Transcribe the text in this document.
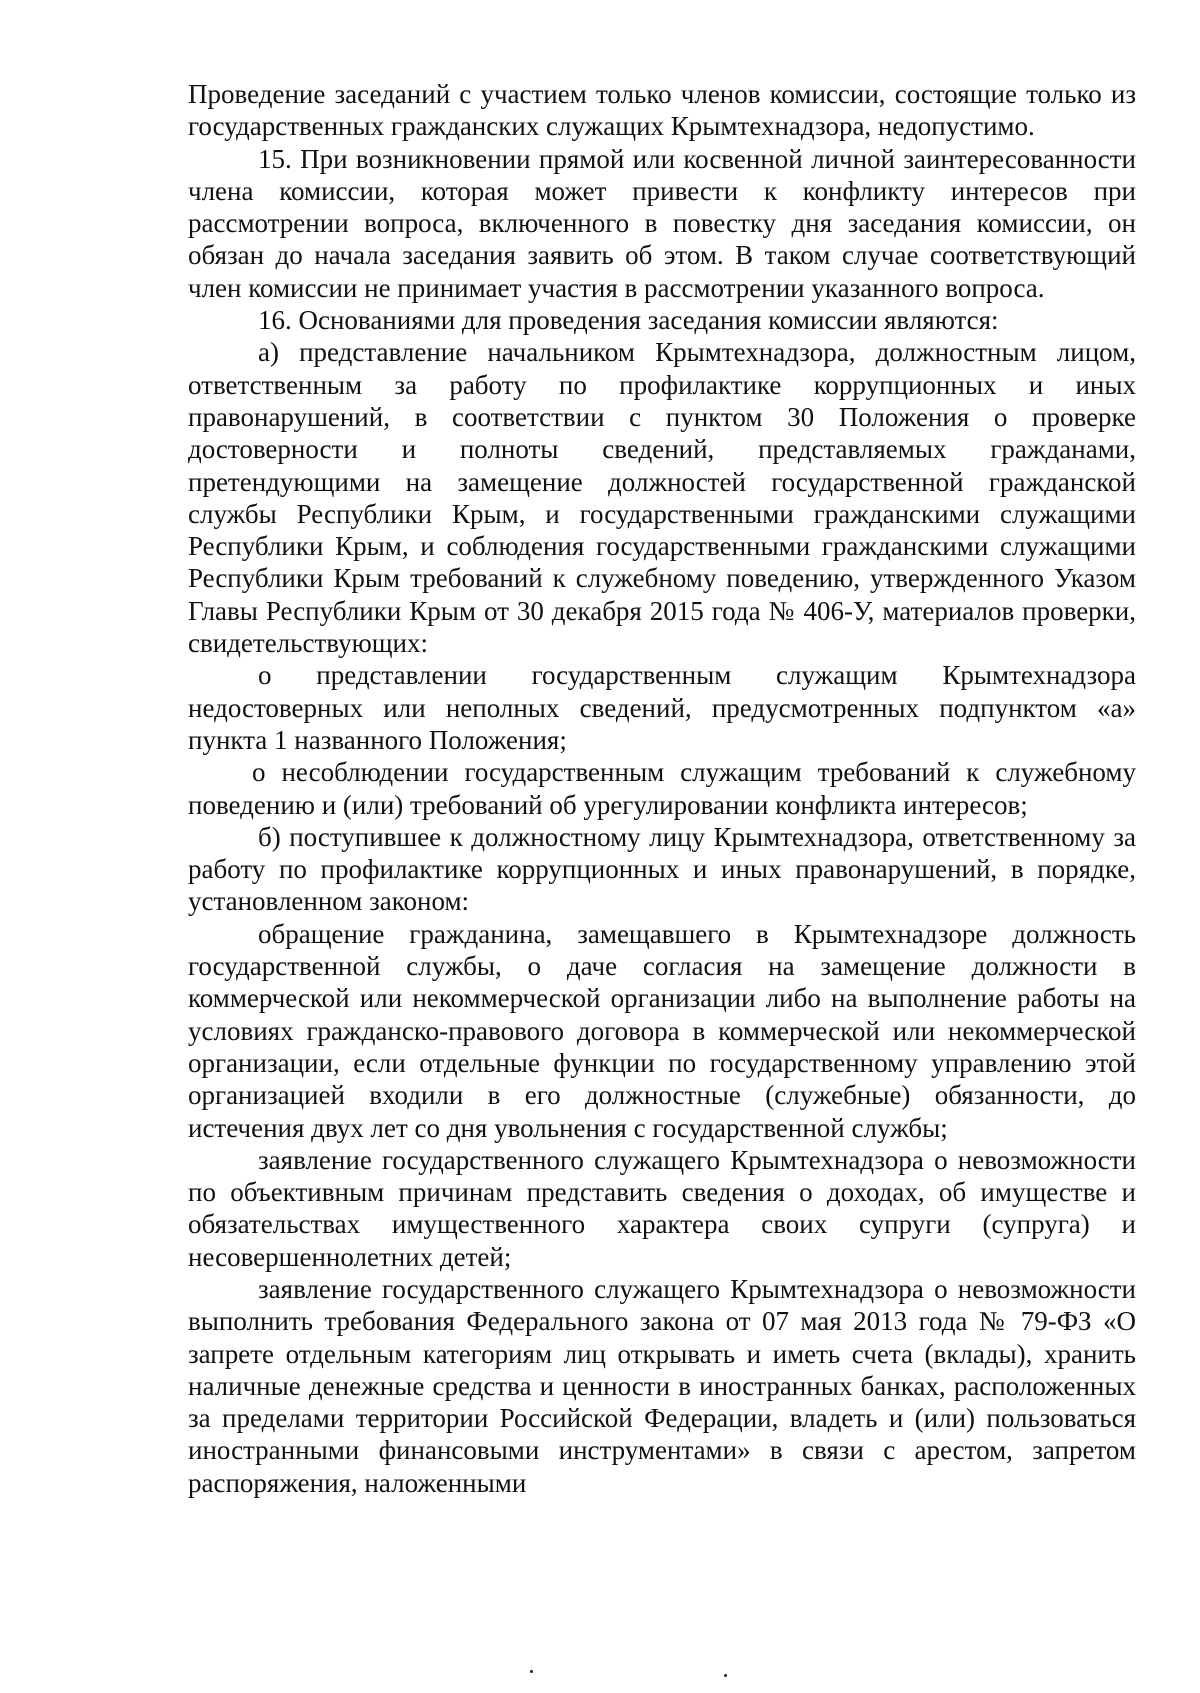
Проведение заседаний с участием только членов комиссии, состоящие только из государственных гражданских служащих Крымтехнадзора, недопустимо.

15. При возникновении прямой или косвенной личной заинтересованности члена комиссии, которая может привести к конфликту интересов при рассмотрении вопроса, включенного в повестку дня заседания комиссии, он обязан до начала заседания заявить об этом. В таком случае соответствующий член комиссии не принимает участия в рассмотрении указанного вопроса.

16. Основаниями для проведения заседания комиссии являются:

а) представление начальником Крымтехнадзора, должностным лицом, ответственным за работу по профилактике коррупционных и иных правонарушений, в соответствии с пунктом 30 Положения о проверке достоверности и полноты сведений, представляемых гражданами, претендующими на замещение должностей государственной гражданской службы Республики Крым, и государственными гражданскими служащими Республики Крым, и соблюдения государственными гражданскими служащими Республики Крым требований к служебному поведению, утвержденного Указом Главы Республики Крым от 30 декабря 2015 года № 406-У, материалов проверки, свидетельствующих:

о представлении государственным служащим Крымтехнадзора недостоверных или неполных сведений, предусмотренных подпунктом «а» пункта 1 названного Положения;

о несоблюдении государственным служащим требований к служебному поведению и (или) требований об урегулировании конфликта интересов;

б) поступившее к должностному лицу Крымтехнадзора, ответственному за работу по профилактике коррупционных и иных правонарушений, в порядке, установленном законом:

обращение гражданина, замещавшего в Крымтехнадзоре должность государственной службы, о даче согласия на замещение должности в коммерческой или некоммерческой организации либо на выполнение работы на условиях гражданско-правового договора в коммерческой или некоммерческой организации, если отдельные функции по государственному управлению этой организацией входили в его должностные (служебные) обязанности, до истечения двух лет со дня увольнения с государственной службы;

заявление государственного служащего Крымтехнадзора о невозможности по объективным причинам представить сведения о доходах, об имуществе и обязательствах имущественного характера своих супруги (супруга) и несовершеннолетних детей;

заявление государственного служащего Крымтехнадзора о невозможности выполнить требования Федерального закона от 07 мая 2013 года № 79-ФЗ «О запрете отдельным категориям лиц открывать и иметь счета (вклады), хранить наличные денежные средства и ценности в иностранных банках, расположенных за пределами территории Российской Федерации, владеть и (или) пользоваться иностранными финансовыми инструментами» в связи с арестом, запретом распоряжения, наложенными
